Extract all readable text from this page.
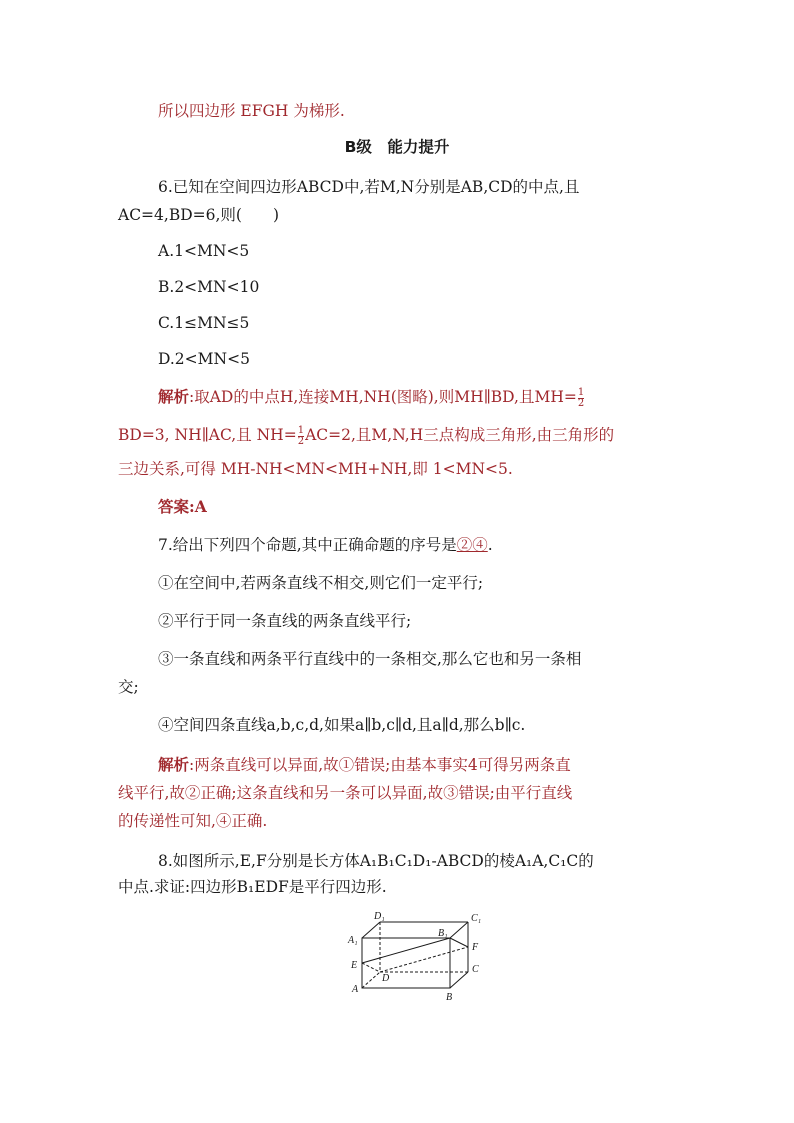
所以四边形 EFGH 为梯形.
B级　能力提升
6.已知在空间四边形ABCD中,若M,N分别是AB,CD的中点,且
AC=4,BD=6,则(　　)
A.1<MN<5
B.2<MN<10
C.1≤MN≤5
D.2<MN<5
解析:取AD的中点H,连接MH,NH(图略),则MH∥BD,且$MH= \frac{1}{2}$
BD=3, NH∥AC,且 $NH= \frac{1}{2} AC=2$,且M,N,H三点构成三角形,由三角形的
三边关系,可得 MH-NH<MN<MH+NH,即 1<MN<5.
答案:A
7.给出下列四个命题,其中正确命题的序号是②④.
①在空间中,若两条直线不相交,则它们一定平行;
②平行于同一条直线的两条直线平行;
③一条直线和两条平行直线中的一条相交,那么它也和另一条相
交;
④空间四条直线a,b,c,d,如果a∥b,c∥d,且a∥d,那么b∥c.
解析:两条直线可以异面,故①错误;由基本事实4可得另两条直
线平行,故②正确;这条直线和另一条可以异面,故③错误;由平行直线
的传递性可知,④正确.
8.如图所示,E,F分别是长方体A₁B₁C₁D₁-ABCD的棱A₁A,C₁C的
中点.求证:四边形B₁EDF是平行四边形.
D₁	C₁
A₁
B₁
F
E	C
D
A
B
